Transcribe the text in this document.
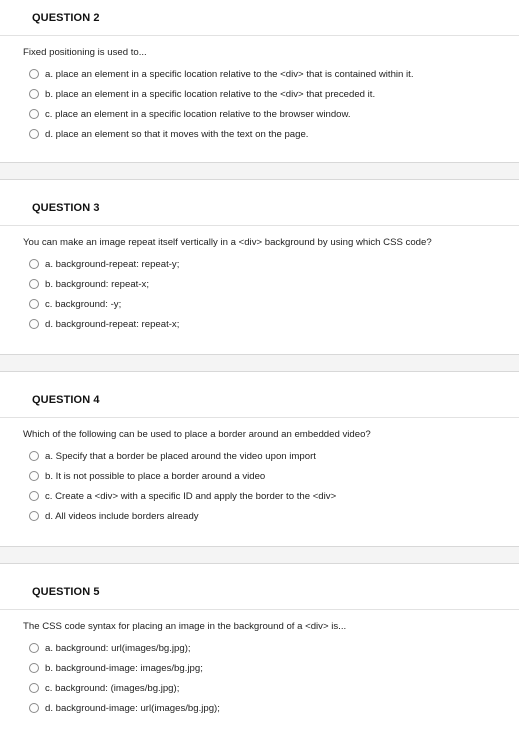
QUESTION 2
Fixed positioning is used to...
a. place an element in a specific location relative to the <div> that is contained within it.
b. place an element in a specific location relative to the <div> that preceded it.
c. place an element in a specific location relative to the browser window.
d. place an element so that it moves with the text on the page.
QUESTION 3
You can make an image repeat itself vertically in a <div> background by using which CSS code?
a. background-repeat: repeat-y;
b. background: repeat-x;
c. background: -y;
d. background-repeat: repeat-x;
QUESTION 4
Which of the following can be used to place a border around an embedded video?
a. Specify that a border be placed around the video upon import
b. It is not possible to place a border around a video
c. Create a <div> with a specific ID and apply the border to the <div>
d. All videos include borders already
QUESTION 5
The CSS code syntax for placing an image in the background of a <div> is...
a. background: url(images/bg.jpg);
b. background-image: images/bg.jpg;
c. background: (images/bg.jpg);
d. background-image: url(images/bg.jpg);
